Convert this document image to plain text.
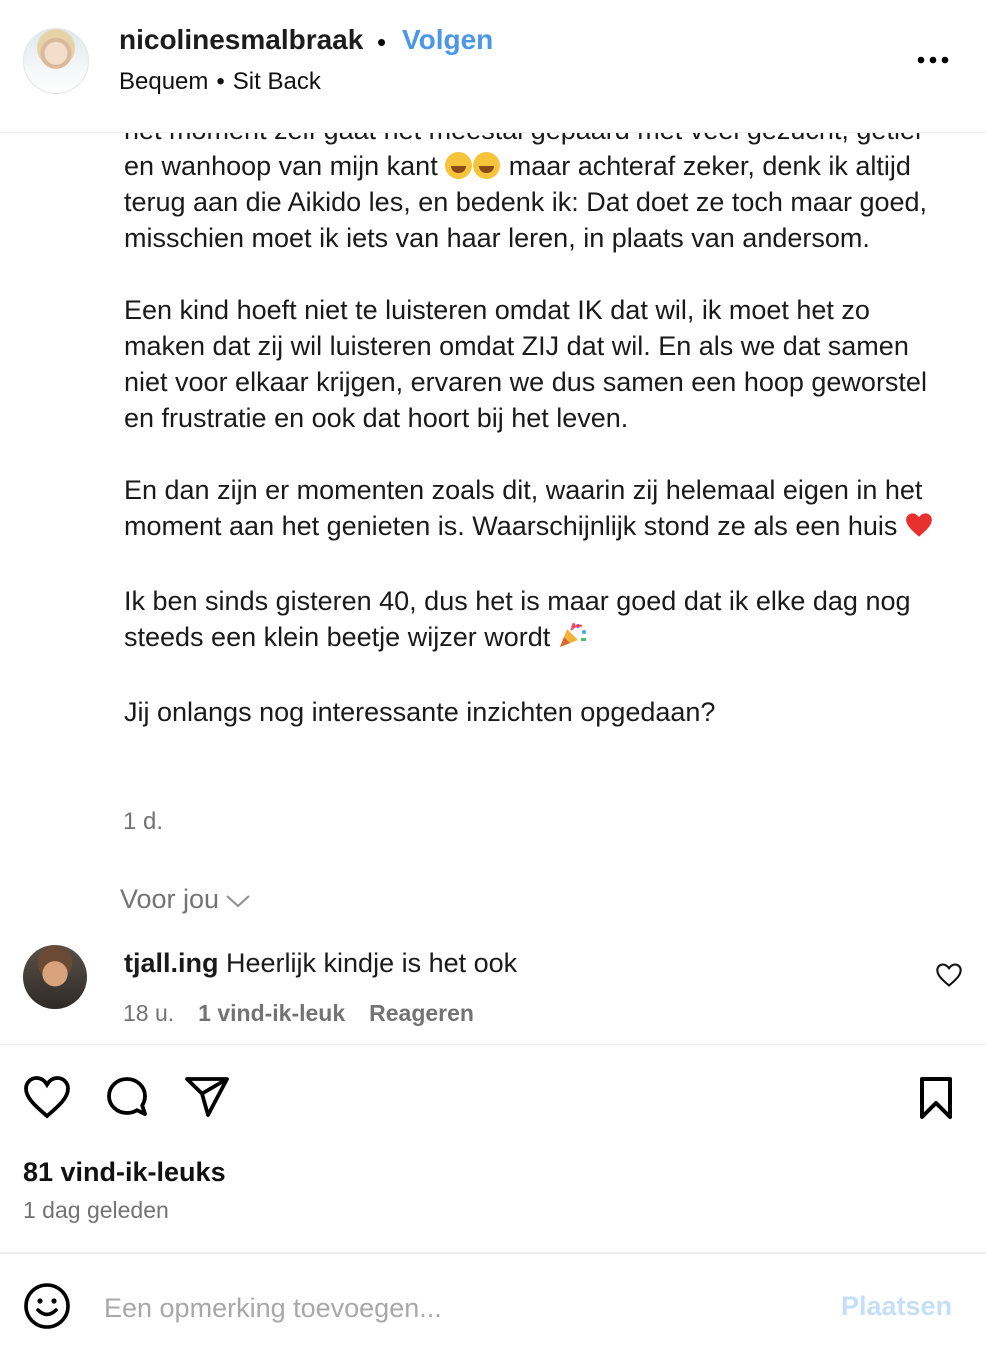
en wanhoop van mijn kant  maar achteraf zeker, denk ik altijd terug aan die Aikido les, en bedenk ik: Dat doet ze toch maar goed, misschien moet ik iets van haar leren, in plaats van andersom.

Een kind hoeft niet te luisteren omdat IK dat wil, ik moet het zo maken dat zij wil luisteren omdat ZIJ dat wil. En als we dat samen niet voor elkaar krijgen, ervaren we dus samen een hoop geworstel en frustratie en ook dat hoort bij het leven.

En dan zijn er momenten zoals dit, waarin zij helemaal eigen in het moment aan het genieten is. Waarschijnlijk stond ze als een huis

Ik ben sinds gisteren 40, dus het is maar goed dat ik elke dag nog steeds een klein beetje wijzer wordt

Jij onlangs nog interessante inzichten opgedaan?

nicolinesmalbraak • Volgen
Bequem • Sit Back
1 d.
Voor jou
tjall.ing Heerlijk kindje is het ook
18 u. 1 vind-ik-leuk Reageren
81 vind-ik-leuks
1 dag geleden
Een opmerking toevoegen...
Plaatsen
